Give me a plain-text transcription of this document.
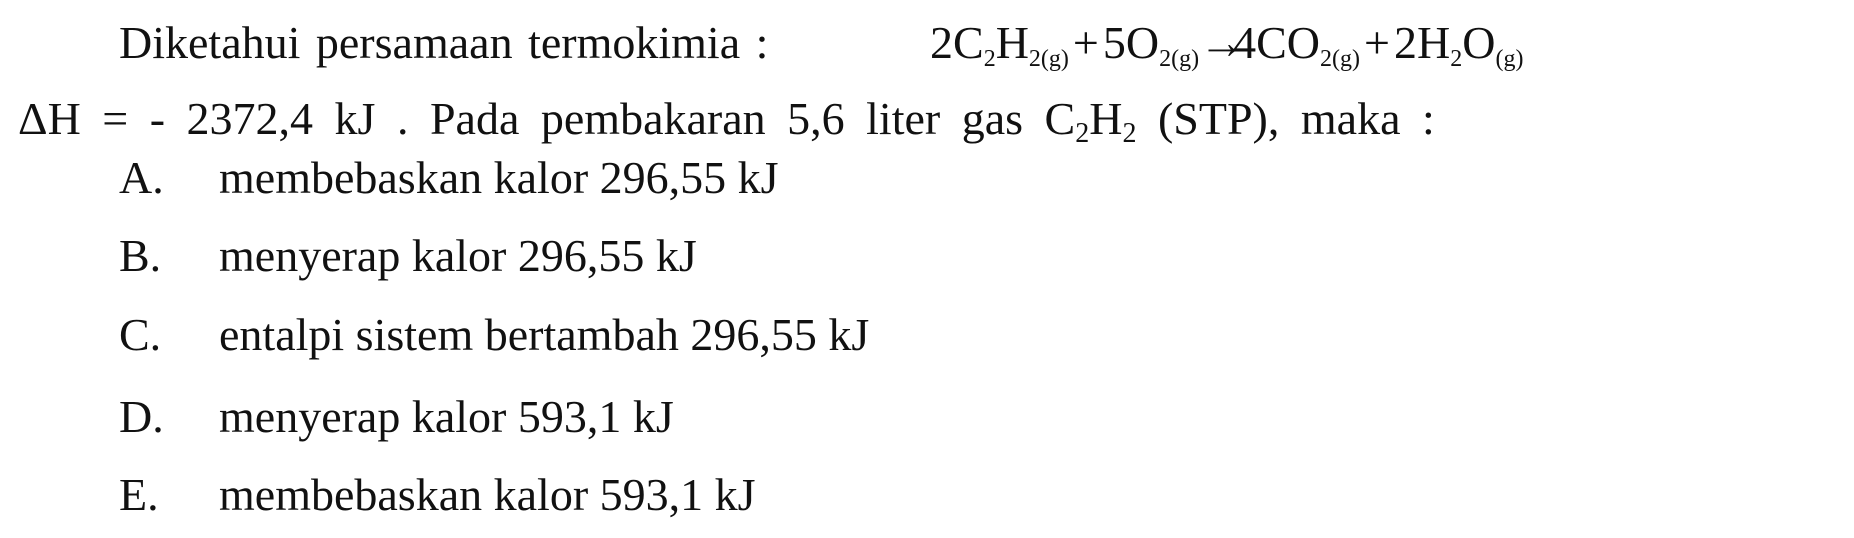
Diketahui persamaan termokimia :	$2C_2H_{2(g)}+5O_{2(g)}\to 4CO_{2(g)}+2H_2O_{(g)}$
ΔH = - 2372,4 kJ . Pada pembakaran 5,6 liter gas $C_2H_2$ (STP), maka :
A. membebaskan kalor 296,55 kJ
B. menyerap kalor 296,55 kJ
C. entalpi sistem bertambah 296,55 kJ
D. menyerap kalor 593,1 kJ
E. membebaskan kalor 593,1 kJ
